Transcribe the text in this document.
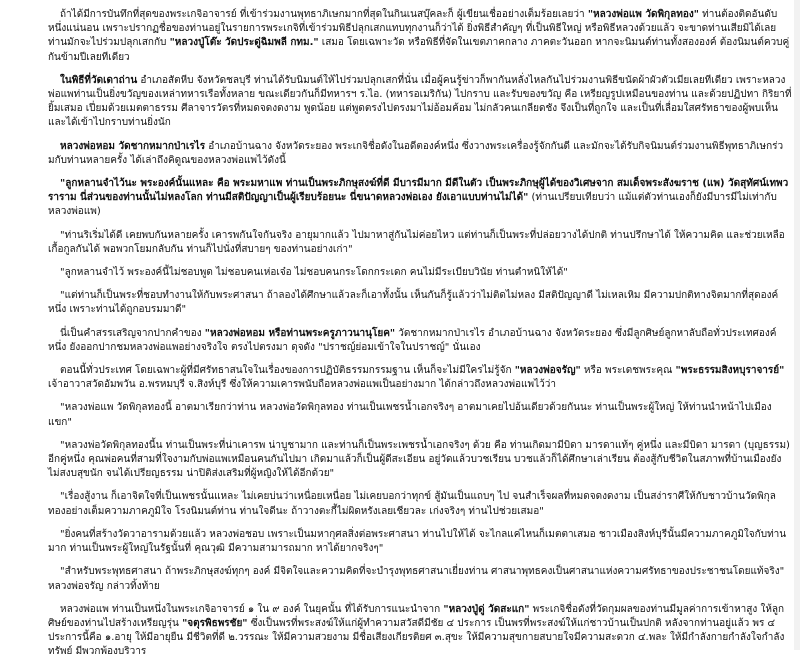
ถ้าได้มีการบันทึกที่สุดของพระเกจิอาจารย์ ที่เข้าร่วมงานพุทธาภิเษกมากที่สุดในกินเนสบุ๊คละก็ ผู้เขียนเชื่ออย่างเต็มร้อยเลยว่า "หลวงพ่อแพ วัดพิกุลทอง" ท่านต้องติดอันดับหนึ่งแน่นอน เพราะปรากฏชื่อของท่านอยู่ในรายการพระเกจิที่เข้าร่วมพิธีปลุกเสกแทบทุกงานก็ว่าได้ ยิ่งพิธีสำคัญๆ ที่เป็นพิธีใหญ่ หรือพิธีหลวงด้วยแล้ว จะขาดท่านเสียมิได้เลยท่านมักจะไปร่วมปลุกเสกกับ "หลวงปู่โต๊ะ วัดประดู่ฉิมพลี กทม." เสมอ โดยเฉพาะวัด หรือพิธีที่จัดในเขตภาคกลาง ภาคตะวันออก หากจะนิมนต์ท่านทั้งสององค์ ต้องนิมนต์ควบคู่กันข้ามปีเลยทีเดียว

ในพิธีที่วัดเดาถ่าน อำเภอสัตหีบ จังหวัดชลบุรี ท่านได้รับนิมนต์ให้ไปร่วมปลุกเสกที่นั่น เมื่อผู้คนรู้ข่าวก็พากันหลั่งไหลกันไปร่วมงานพิธีขนัดผ้าผัวตัวเมียเลยทีเดียว เพราะหลวงพ่อแพท่านเป็นยิ่งขวัญของเหล่าทหารเรือทั้งหลาย ขณะเดียวกันก็มีทหารฯ ร.ไอ. (ทหารอเมริกัน) ไปกราบ และรับของขวัญ คือ เหรียญรูปเหมือนของท่าน และด้วยปฏิปทา กิริยาที่ยิ้มเสมอ เปี่ยมด้วยเมตตาธรรม ศีลาจารวัตรที่หมดจดงดงาม พูดน้อย แต่พูดตรงไปตรงมาไม่อ้อมค้อม ไม่กลัวคนเกลียดชัง จึงเป็นที่ถูกใจ และเป็นที่เลื่อมใสศรัทธาของผู้พบเห็น และได้เข้าไปกราบท่านยิ่งนัก

หลวงพ่อหอม วัดชากหมากป่าเรไร อำเภอบ้านฉาง จังหวัดระยอง พระเกจิชื่อดังในอดีตองค์หนึ่ง ซึ่งวางพระเครื่องรู้จักกันดี และมักจะได้รับกิจนิมนต์ร่วมงานพิธีพุทธาภิเษกร่วมกับท่านหลายครั้ง ได้เล่าถึงคิดูณของหลวงพ่อแพไว้ดังนี้

"ลูกหลานจำไว้นะ พระองค์นั้นแหละ คือ พระมหาแพ ท่านเป็นพระภิกษุสงฆ์ที่ดี มีบารมีมาก มีดีในตัว เป็นพระภิกษุผู้ได้ของวิเศษจาก สมเด็จพระสังฆราช (แพ) วัดสุทัศน์เทพวราราม นี่ส่วนของท่านนั้นไม่หลงโลก ท่านมีสติปัญญาเป็นผู้เรียบร้อยนะ นี่ขนาดหลวงพ่อเอง ยังเอาแบบท่านไม่ได้" (ท่านเปรียบเทียบว่า แม้แต่ตัวท่านเองก็ยังมีบารมีไม่เท่ากับหลวงพ่อแพ)

"ท่านริเริ่มได้ดี เคยพบกันหลายครั้ง เคารพกันใจกันจริง อายุมากแล้ว ไปมาหาสู่กันไม่ค่อยไหว แต่ท่านก็เป็นพระที่ปล่อยวางได้ปกติ ท่านปรึกษาได้ ให้ความคิด และช่วยเหลือเกื้อกูลกันได้ พอพวกโยมกลับกัน ท่านก็ไปนั่งที่สบายๆ ของท่านอย่างเก่า"

"ลูกหลานจำไว้ พระองค์นี้ไม่ชอบพูด ไม่ชอบคนเห่อเจ๋อ ไม่ชอบคนกระโดกกระเดก คนไม่มีระเบียบวินัย ท่านตำหนิให้ได้"

"แต่ท่านก็เป็นพระที่ชอบทำงานให้กับพระศาสนา ถ้าลองได้ศึกษาแล้วละก็เอาทั้งนั้น เห็นกันก็รู้แล้วว่าไม่ติดไม่หลง มีสติปัญญาดี ไม่เหลเหิม มีความปกติทางจิตมากที่สุดองค์หนึ่ง เพราะท่านได้ถูกอบรมมาดี"

นี่เป็นคำสรรเสริญจากปากคำของ "หลวงพ่อหอม หรือท่านพระครูภาวนานุโยค" วัดชากหมากป่าเรไร อำเภอบ้านฉาง จังหวัดระยอง ซึ่งมีลูกศิษย์ลูกหาลับถือทั่วประเทศองค์หนึ่ง ยังออกปากชมหลวงพ่อแพอย่างจริงใจ ตรงไปตรงมา ดุจดัง "ปราชญ์ย่อมเข้าใจในปราชญ์" นั่นเอง

ตอนนี้ทั่วประเทศ โดยเฉพาะผู้ที่มีศรัทธาสนใจในเรื่องของการปฏิบัติธรรมกรรมฐาน เห็นก็จะไม่มีใครไม่รู้จัก "หลวงพ่อจรัญ" หรือ พระเดชพระคุณ "พระธรรมสิงหบุราจารย์" เจ้าอาวาสวัดอัมพวัน อ.พรหมบุรี จ.สิงห์บุรี ซึ่งให้ความเคารพนับถือหลวงพ่อแพเป็นอย่างมาก ได้กล่าวถึงหลวงพ่อแพไว้ว่า

"หลวงพ่อแพ วัดพิกุลทองนี้ อาตมาเรียกว่าท่าน หลวงพ่อวัดพิกุลทอง ท่านเป็นเพชรน้ำเอกจริงๆ อาตมาเคยไปอ้นเดียวด้วยกันนะ ท่านเป็นพระผู้ใหญ่ ให้ท่านนำหน้าไปเมืองแขก"

"หลวงพ่อวัดพิกุลทองนี้น ท่านเป็นพระที่น่าเคารพ น่าบูชามาก และท่านก็เป็นพระเพชรน้ำเอกจริงๆ ด้วย คือ ท่านเกิดมามีบิดา มารดาแท้ๆ คู่หนึ่ง และมีบิดา มารดา (บุญธรรม) อีกคู่หนึ่ง คุณพ่อคนที่สามที่ใจงามกับพ่อแพเหมือนคนกันไปมา เกิดมาแล้วก็เป็นผู้ดีสะเอียน อยู่วัดแล้วบวชเรียน บวชแล้วก็ได้ศึกษาเล่าเรียน ต้องสู้กับชีวิตในสภาพที่บ้านเมืองยังไม่สงบสุขนัก จนได้เปรียญธรรม น่าปิติส่งเสริมที่ผู้หญิงให้ได้อีกด้วย"

"เรื่องสู้งาน ก็เอาจิตใจที่เป็นเพชรนั้นแหละ ไม่เคยบ่นว่าเหนื่อยเหนื่อย ไม่เคยบอกว่าทุกข์ สู้มันเป็นแถบๆ ไป จนสำเร็จผลที่หมดจดงดงาม เป็นสง่าราศีให้กับชาวบ้านวัดพิกุลทองอย่างเต็มความภาคภูมิใจ โรงนิมนต์ท่าน ท่านใจดีนะ ถ้าวางตะกี้ไม่ผิดหรังเลยเชียวละ เก่งจริงๆ ท่านไปช่วยเสมอ"

"ยิ่งคนที่สร้างวัดวาอารามด้วยแล้ว หลวงพ่อชอบ เพราะเป็นมหากุศลสิ่งต่อพระศาสนา ท่านไปให้ได้ จะไกลแค่ไหนก็เมตตาเสมอ ชาวเมืองสิงห์บุรีนั้นมีความภาคภูมิใจกับท่านมาก ท่านเป็นพระผู้ใหญ่ในรัฐนั้นที่ คุณวุฒิ มีความสามารถมาก หาได้ยากจริงๆ"

"สำหรับพระพุทธศาสนา ถ้าพระภิกษุสงฆ์ทุกๆ องค์ มีจิตใจและความคิดที่จะบำรุงพุทธศาสนาเยี่ยงท่าน ศาสนาพุทธคงเป็นศาสนาแห่งความศรัทธาของประชาชนโดยแท้จริง" หลวงพ่อจรัญ กล่าวทิ้งท้าย

หลวงพ่อแพ ท่านเป็นหนึ่งในพระเกจิอาจารย์ ๑ ใน ๙ องค์ ในยุคนั้น ที่ได้รับการแนะนำจาก "หลวงปู่ดู่ วัดสะแก" พระเกจิชื่อดังที่วัดกุมผลของท่านมีมูลค่าการเข้าหาสูง ให้ลูกศิษย์ของท่านไปสร้างเหรียญรุ่น "จตุรพิธพรชัย" ซึ่งเป็นพรที่พระสงฆ์ให้แก่ผู้ทำความสวัสดีมีชัย ๔ ประการ เป็นพรที่พระสงฆ์ให้แก่ชาวบ้านเป็นปกติ หลังจากท่านอยู่แล้ว พร ๔ ประการนี้คือ ๑.อายุ ให้มีอายุยืน มีชีวิตที่ดี ๒.วรรณะ ให้มีความสวยงาม มีชื่อเสียงเกียรติยศ ๓.สุขะ ให้มีความสุขกายสบายใจมีความสะดวก ๔.พละ ให้มีกำลังกายกำลังใจกำลังทรัพย์ มีพวกพ้องบริวาร
